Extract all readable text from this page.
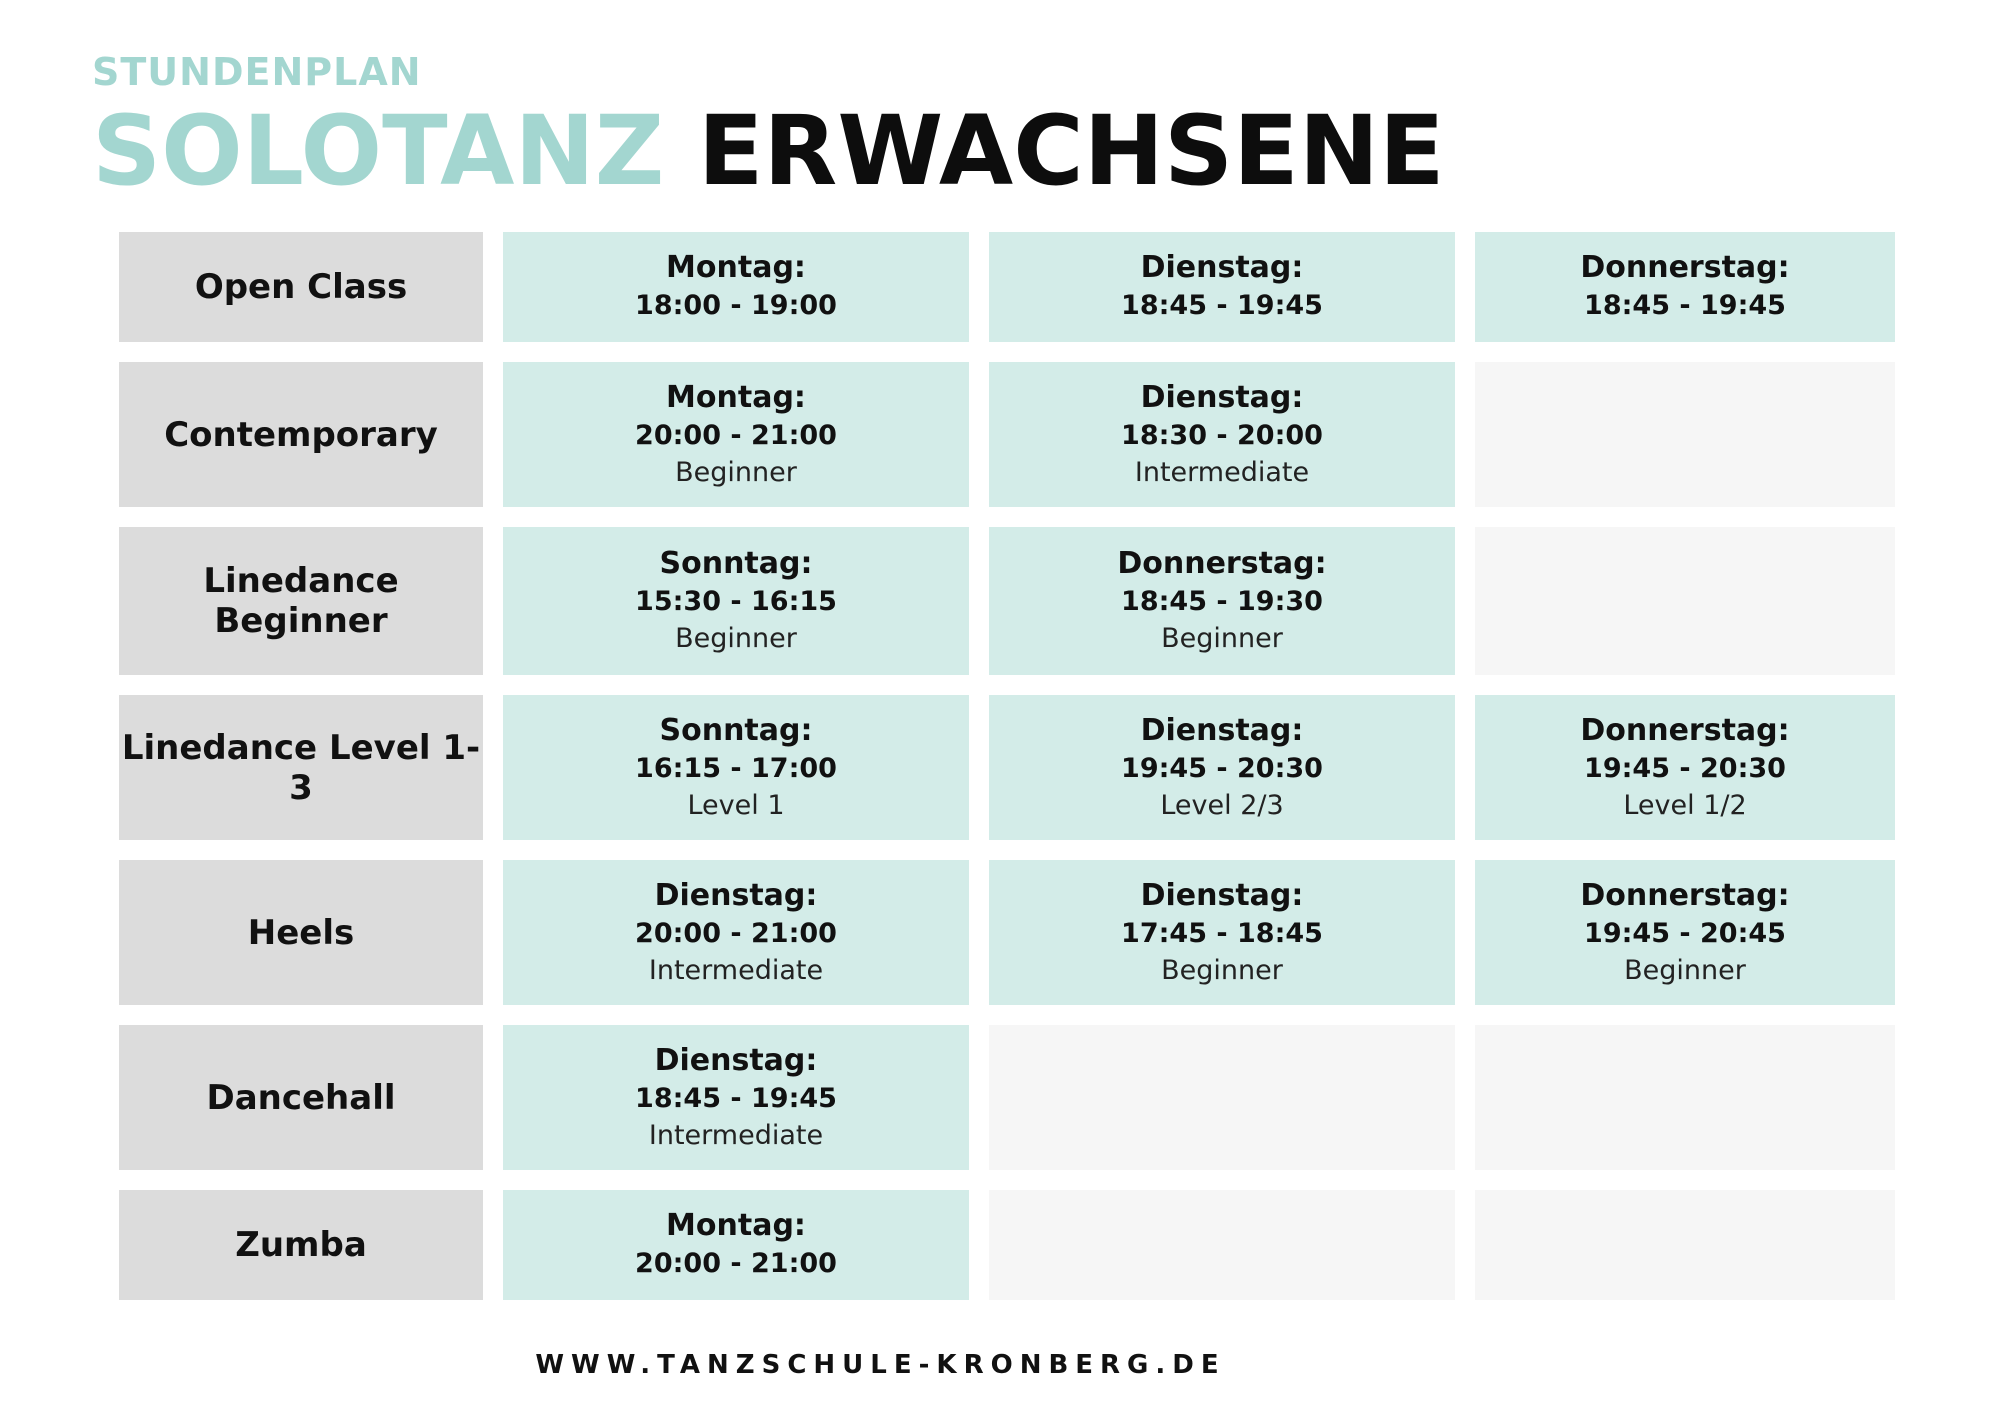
STUNDENPLAN
SOLOTANZ ERWACHSENE
Open Class	Montag:
18:00 - 19:00
Dienstag:
18:45 - 19:45
Donnerstag:
18:45 - 19:45
Contemporary
Montag:
20:00 - 21:00
Beginner
Dienstag:
18:30 - 20:00
Intermediate
Linedance Beginner
Sonntag:
15:30 - 16:15
Beginner
Donnerstag:
18:45 - 19:30
Beginner
Linedance Level 1-3
Sonntag:
16:15 - 17:00
Level 1
Dienstag:
19:45 - 20:30
Level 2/3
Donnerstag:
19:45 - 20:30
Level 1/2
Heels
Dienstag:
20:00 - 21:00
Intermediate
Dienstag:
17:45 - 18:45
Beginner
Donnerstag:
19:45 - 20:45
Beginner
Dancehall
Dienstag:
18:45 - 19:45
Intermediate
Zumba	Montag:
20:00 - 21:00
WWW.TANZSCHULE-KRONBERG.DE
